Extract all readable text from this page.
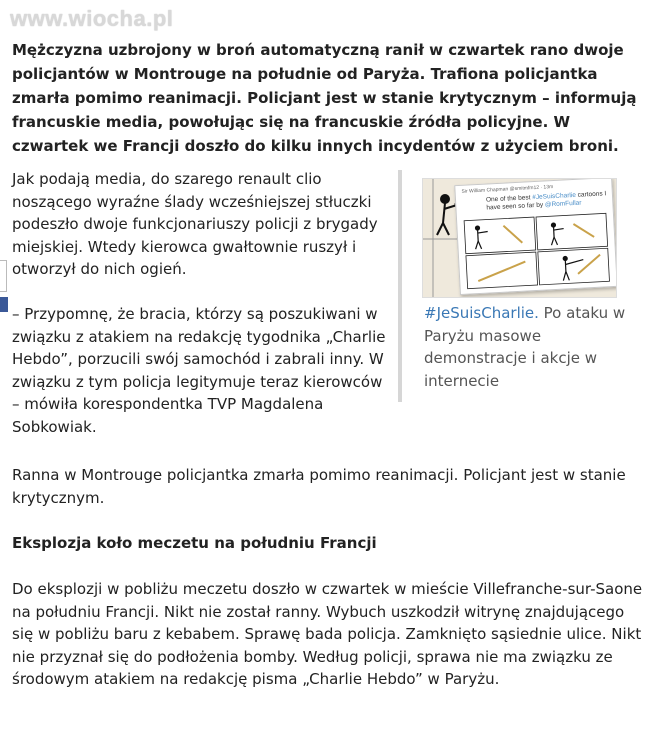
www.wiocha.pl
Mężczyzna uzbrojony w broń automatyczną ranił w czwartek rano dwoje policjantów w Montrouge na południe od Paryża. Trafiona policjantka zmarła pomimo reanimacji. Policjant jest w stanie krytycznym – informują francuskie media, powołując się na francuskie źródła policyjne. W czwartek we Francji doszło do kilku innych incydentów z użyciem broni.
Jak podają media, do szarego renault clio noszącego wyraźne ślady wcześniejszej stłuczki podeszło dwoje funkcjonariuszy policji z brygady miejskiej. Wtedy kierowca gwałtownie ruszył i otworzył do nich ogień.
– Przypomnę, że bracia, którzy są poszukiwani w związku z atakiem na redakcję tygodnika „Charlie Hebdo”, porzucili swój samochód i zabrali inny. W związku z tym policja legitymuje teraz kierowców – mówiła korespondentka TVP Magdalena Sobkowiak.
Sir William Chapman @smitmfm12 · 13m
One of the best #JeSuisCharlie cartoons I have seen so far by @RomFullar
#JeSuisCharlie. Po ataku w Paryżu masowe demonstracje i akcje w internecie
Ranna w Montrouge policjantka zmarła pomimo reanimacji. Policjant jest w stanie krytycznym.
Eksplozja koło meczetu na południu Francji
Do eksplozji w pobliżu meczetu doszło w czwartek w mieście Villefranche-sur-Saone na południu Francji. Nikt nie został ranny. Wybuch uszkodził witrynę znajdującego się w pobliżu baru z kebabem. Sprawę bada policja. Zamknięto sąsiednie ulice. Nikt nie przyznał się do podłożenia bomby. Według policji, sprawa nie ma związku ze środowym atakiem na redakcję pisma „Charlie Hebdo” w Paryżu.
